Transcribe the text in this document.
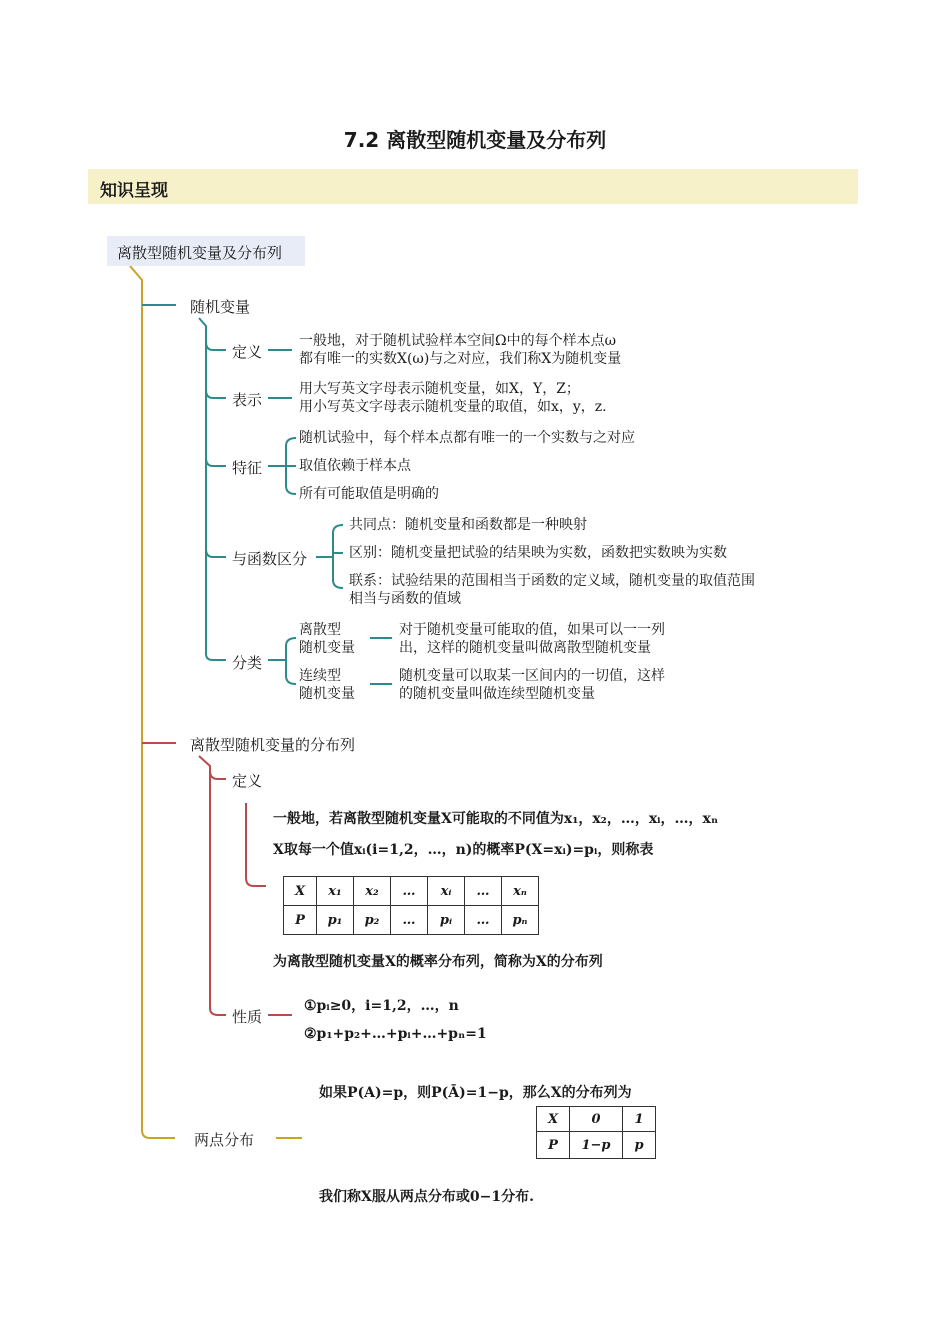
7.2 离散型随机变量及分布列
知识呈现
离散型随机变量及分布列
随机变量
定义
一般地，对于随机试验样本空间Ω中的每个样本点ω
都有唯一的实数X(ω)与之对应，我们称X为随机变量
表示
用大写英文字母表示随机变量，如X，Y，Z；
用小写英文字母表示随机变量的取值，如x，y，z.
特征
随机试验中，每个样本点都有唯一的一个实数与之对应
取值依赖于样本点
所有可能取值是明确的
与函数区分
共同点：随机变量和函数都是一种映射
区别：随机变量把试验的结果映为实数，函数把实数映为实数
联系：试验结果的范围相当于函数的定义域，随机变量的取值范围
相当与函数的值域
分类
离散型
随机变量
对于随机变量可能取的值，如果可以一一列
出，这样的随机变量叫做离散型随机变量
连续型
随机变量
随机变量可以取某一区间内的一切值，这样
的随机变量叫做连续型随机变量
离散型随机变量的分布列
定义
一般地，若离散型随机变量X可能取的不同值为x₁，x₂，…，xᵢ，…，xₙ
X取每一个值xᵢ(i=1,2，…，n)的概率P(X=xᵢ)=pᵢ，则称表
X	x₁	x₂	…	xᵢ	…	xₙ
P	p₁	p₂	…	pᵢ	…	pₙ
为离散型随机变量X的概率分布列，简称为X的分布列
性质
①pᵢ≥0，i=1,2，…，n
②p₁+p₂+…+pᵢ+…+pₙ=1
两点分布
如果P(A)=p，则P(Ā)=1−p，那么X的分布列为
X	0	1
P	1−p	p
我们称X服从两点分布或0−1分布.
